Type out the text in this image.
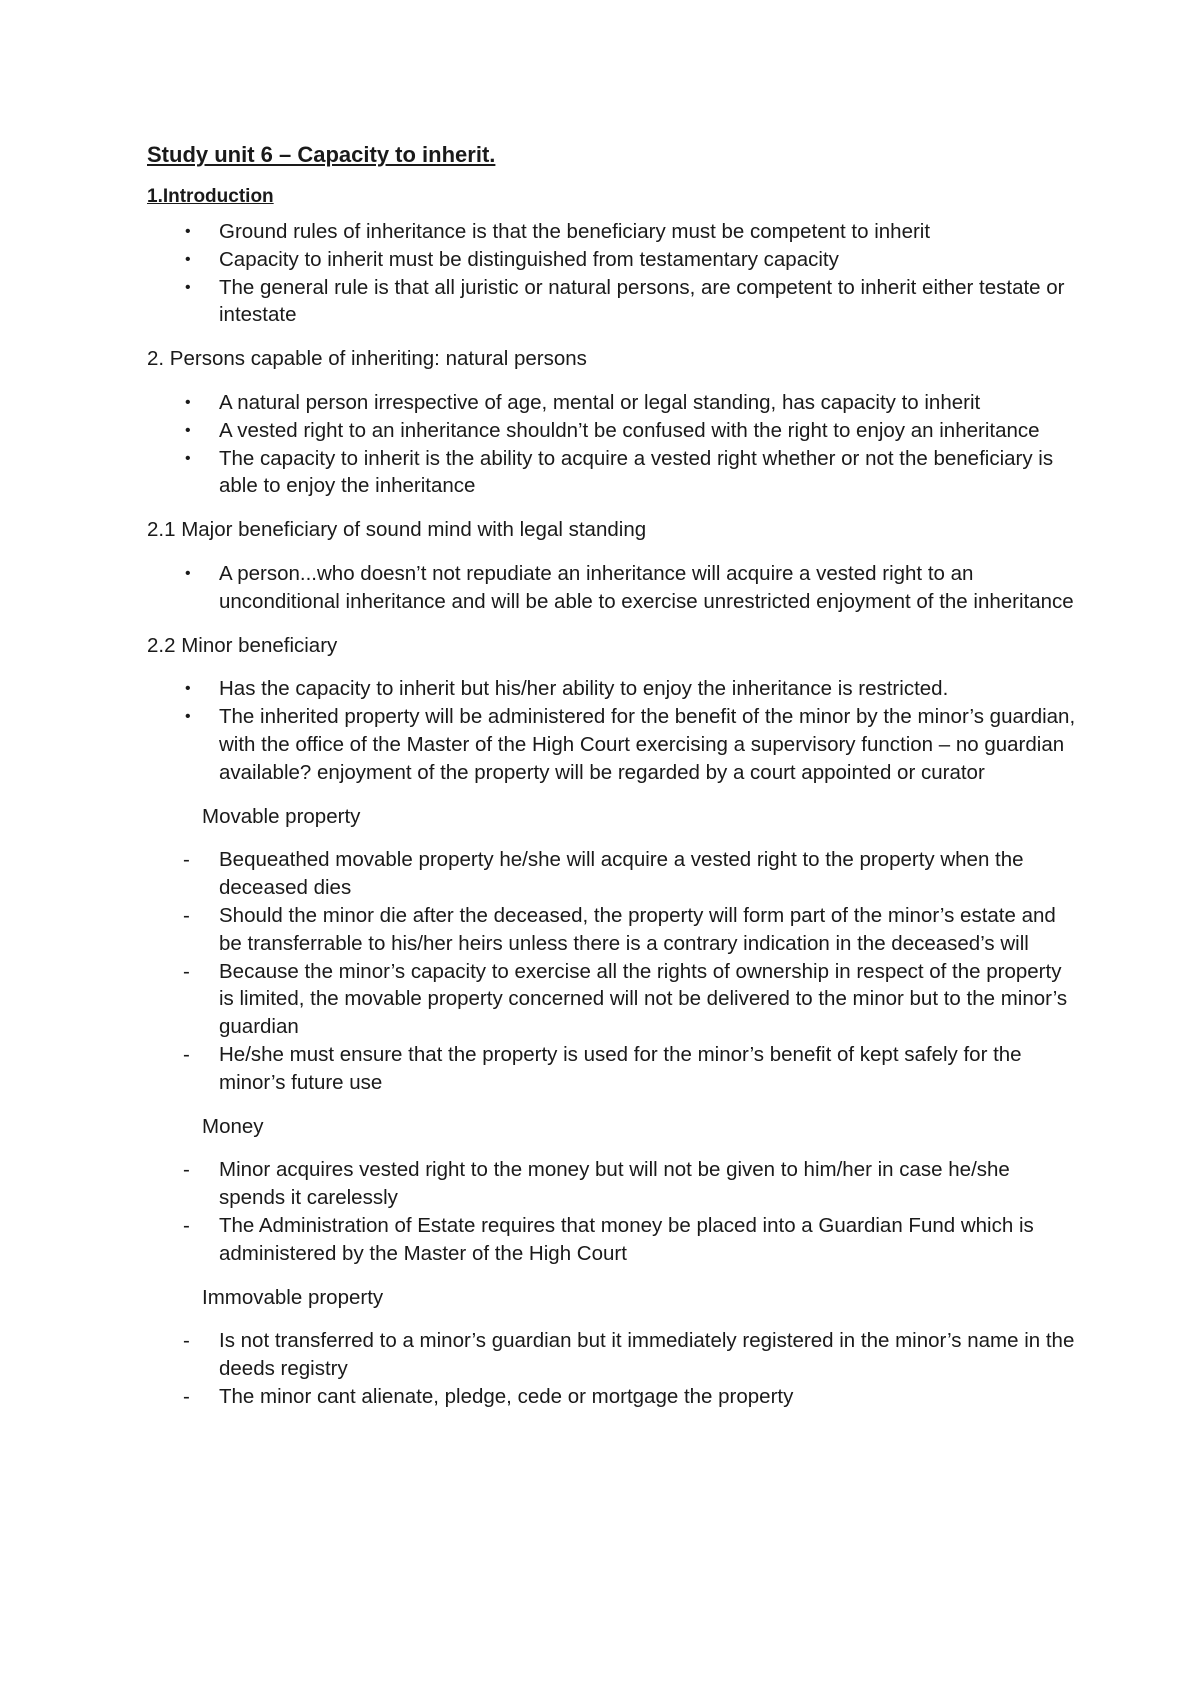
Study unit 6 – Capacity to inherit.
1.Introduction
• Ground rules of inheritance is that the beneficiary must be competent to inherit
• Capacity to inherit must be distinguished from testamentary capacity
• The general rule is that all juristic or natural persons, are competent to inherit either testate or intestate
2. Persons capable of inheriting: natural persons
• A natural person irrespective of age, mental or legal standing, has capacity to inherit
• A vested right to an inheritance shouldn’t be confused with the right to enjoy an inheritance
• The capacity to inherit is the ability to acquire a vested right whether or not the beneficiary is able to enjoy the inheritance
2.1 Major beneficiary of sound mind with legal standing
• A person...who doesn’t not repudiate an inheritance will acquire a vested right to an unconditional inheritance and will be able to exercise unrestricted enjoyment of the inheritance
2.2 Minor beneficiary
• Has the capacity to inherit but his/her ability to enjoy the inheritance is restricted.
• The inherited property will be administered for the benefit of the minor by the minor’s guardian, with the office of the Master of the High Court exercising a supervisory function – no guardian available? enjoyment of the property will be regarded by a court appointed or curator
Movable property
- Bequeathed movable property he/she will acquire a vested right to the property when the deceased dies
- Should the minor die after the deceased, the property will form part of the minor’s estate and be transferrable to his/her heirs unless there is a contrary indication in the deceased’s will
- Because the minor’s capacity to exercise all the rights of ownership in respect of the property is limited, the movable property concerned will not be delivered to the minor but to the minor’s guardian
- He/she must ensure that the property is used for the minor’s benefit of kept safely for the minor’s future use
Money
- Minor acquires vested right to the money but will not be given to him/her in case he/she spends it carelessly
- The Administration of Estate requires that money be placed into a Guardian Fund which is administered by the Master of the High Court
Immovable property
- Is not transferred to a minor’s guardian but it immediately registered in the minor’s name in the deeds registry
- The minor cant alienate, pledge, cede or mortgage the property
